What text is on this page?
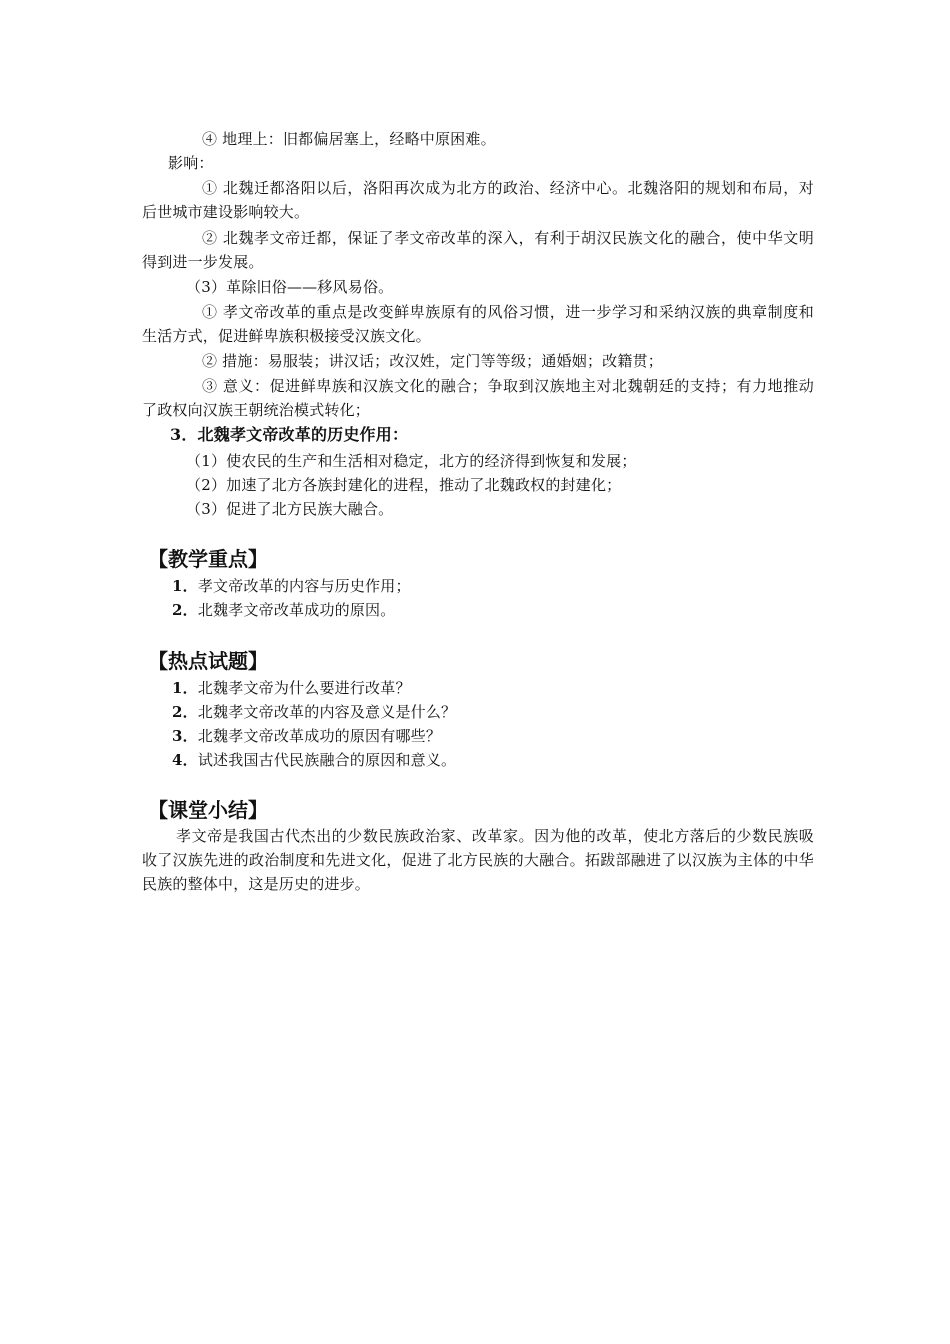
④ 地理上：旧都偏居塞上，经略中原困难。
影响：
① 北魏迁都洛阳以后，洛阳再次成为北方的政治、经济中心。北魏洛阳的规划和布局，对后世城市建设影响较大。
② 北魏孝文帝迁都，保证了孝文帝改革的深入，有利于胡汉民族文化的融合，使中华文明得到进一步发展。
（3）革除旧俗——移风易俗。
① 孝文帝改革的重点是改变鲜卑族原有的风俗习惯，进一步学习和采纳汉族的典章制度和生活方式，促进鲜卑族积极接受汉族文化。
② 措施：易服装；讲汉话；改汉姓，定门等等级；通婚姻；改籍贯；
③ 意义：促进鲜卑族和汉族文化的融合；争取到汉族地主对北魏朝廷的支持；有力地推动了政权向汉族王朝统治模式转化；
3．北魏孝文帝改革的历史作用：
（1）使农民的生产和生活相对稳定，北方的经济得到恢复和发展；
（2）加速了北方各族封建化的进程，推动了北魏政权的封建化；
（3）促进了北方民族大融合。
【教学重点】
1．孝文帝改革的内容与历史作用；
2．北魏孝文帝改革成功的原因。
【热点试题】
1．北魏孝文帝为什么要进行改革？
2．北魏孝文帝改革的内容及意义是什么？
3．北魏孝文帝改革成功的原因有哪些？
4．试述我国古代民族融合的原因和意义。
【课堂小结】
孝文帝是我国古代杰出的少数民族政治家、改革家。因为他的改革，使北方落后的少数民族吸收了汉族先进的政治制度和先进文化，促进了北方民族的大融合。拓跋部融进了以汉族为主体的中华民族的整体中，这是历史的进步。
